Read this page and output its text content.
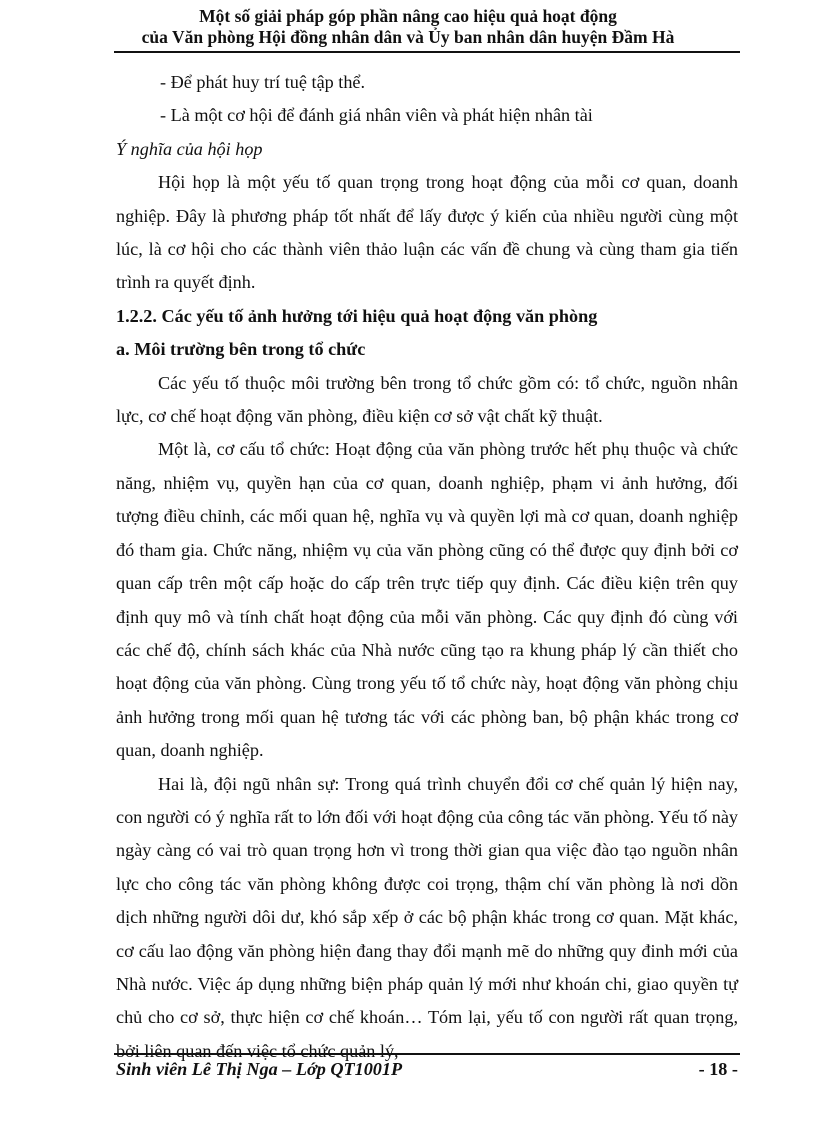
Một số giải pháp góp phần nâng cao hiệu quả hoạt động
của Văn phòng Hội đồng nhân dân và Ủy ban nhân dân huyện Đầm Hà

- Để phát huy trí tuệ tập thể.

- Là một cơ hội để đánh giá nhân viên và phát hiện nhân tài

Ý nghĩa của hội họp

Hội họp là một yếu tố quan trọng trong hoạt động của mỗi cơ quan, doanh nghiệp. Đây là phương pháp tốt nhất để lấy được ý kiến của nhiều người cùng một lúc, là cơ hội cho các thành viên thảo luận các vấn đề chung và cùng tham gia tiến trình ra quyết định.

1.2.2. Các yếu tố ảnh hưởng tới hiệu quả hoạt động văn phòng

a. Môi trường bên trong tổ chức

Các yếu tố thuộc môi trường bên trong tổ chức gồm có: tổ chức, nguồn nhân lực, cơ chế hoạt động văn phòng, điều kiện cơ sở vật chất kỹ thuật.

Một là, cơ cấu tổ chức: Hoạt động của văn phòng trước hết phụ thuộc và chức năng, nhiệm vụ, quyền hạn của cơ quan, doanh nghiệp, phạm vi ảnh hưởng, đối tượng điều chỉnh, các mối quan hệ, nghĩa vụ và quyền lợi mà cơ quan, doanh nghiệp đó tham gia. Chức năng, nhiệm vụ của văn phòng cũng có thể được quy định bởi cơ quan cấp trên một cấp hoặc do cấp trên trực tiếp quy định. Các điều kiện trên quy định quy mô và tính chất hoạt động của mỗi văn phòng. Các quy định đó cùng với các chế độ, chính sách khác của Nhà nước cũng tạo ra khung pháp lý cần thiết cho hoạt động của văn phòng. Cùng trong yếu tố tổ chức này, hoạt động văn phòng chịu ảnh hưởng trong mối quan hệ tương tác với các phòng ban, bộ phận khác trong cơ quan, doanh nghiệp.

Hai là, đội ngũ nhân sự: Trong quá trình chuyển đổi cơ chế quản lý hiện nay, con người có ý nghĩa rất to lớn đối với hoạt động của công tác văn phòng. Yếu tố này ngày càng có vai trò quan trọng hơn vì trong thời gian qua việc đào tạo nguồn nhân lực cho công tác văn phòng không được coi trọng, thậm chí văn phòng là nơi dồn dịch những người dôi dư, khó sắp xếp ở các bộ phận khác trong cơ quan. Mặt khác, cơ cấu lao động văn phòng hiện đang thay đổi mạnh mẽ do những quy đinh mới của Nhà nước. Việc áp dụng những biện pháp quản lý mới như khoán chi, giao quyền tự chủ cho cơ sở, thực hiện cơ chế khoán… Tóm lại, yếu tố con người rất quan trọng, bởi liên quan đến việc tổ chức quản lý,

Sinh viên Lê Thị Nga – Lớp QT1001P	- 18 -
